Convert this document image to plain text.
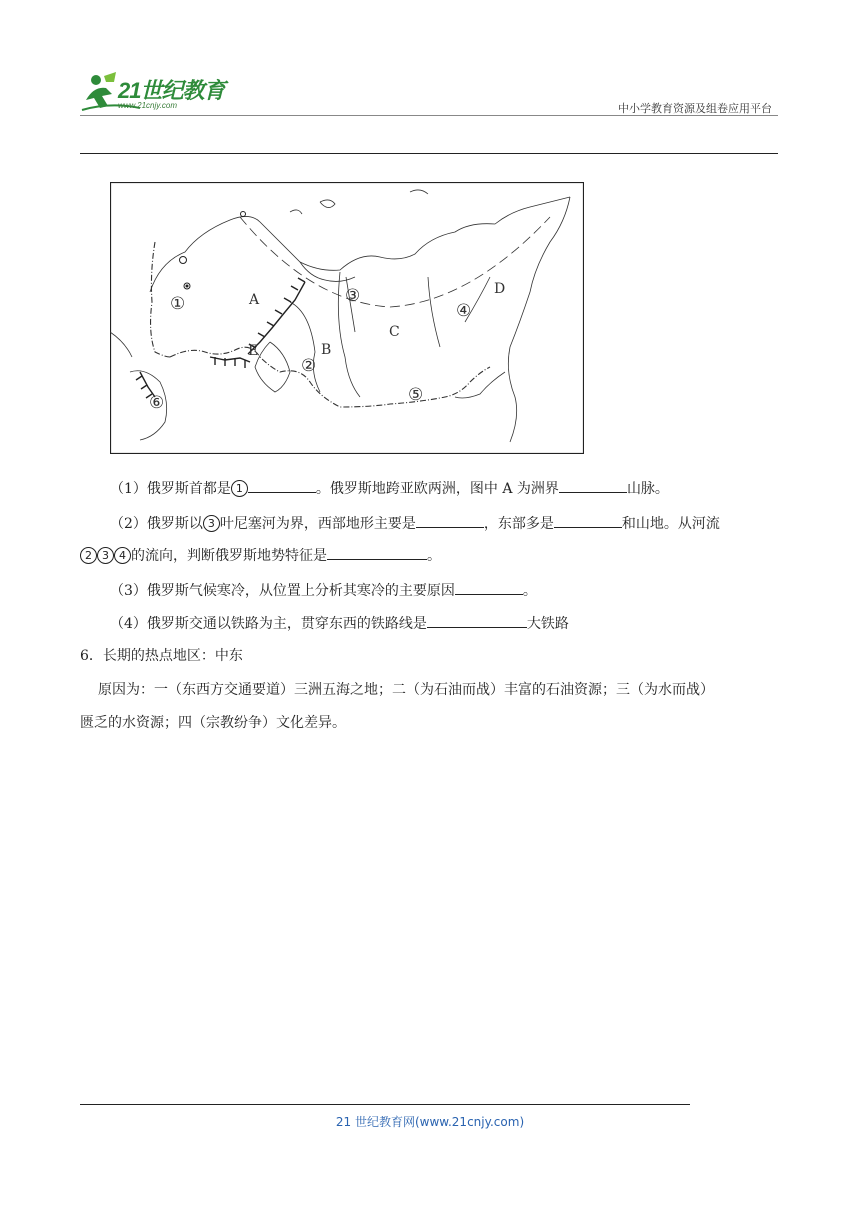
21世纪教育
www.21cnjy.com	中小学教育资源及组卷应用平台
A
B
C
D
E
①
②
③
④
⑤
⑥
（1）俄罗斯首都是 1	。俄罗斯地跨亚欧两洲，图中 A 为洲界	山脉。
（2）俄罗斯以 3 叶尼塞河为界，西部地形主要是	，东部多是	和山地。从河流
2 3 4 的流向，判断俄罗斯地势特征是	。
（3）俄罗斯气候寒冷，从位置上分析其寒冷的主要原因	。
（4）俄罗斯交通以铁路为主，贯穿东西的铁路线是	大铁路
6．长期的热点地区：中东
原因为：一（东西方交通要道）三洲五海之地；二（为石油而战）丰富的石油资源；三（为水而战）
匮乏的水资源；四（宗教纷争）文化差异。
21 世纪教育网(www.21cnjy.com)
